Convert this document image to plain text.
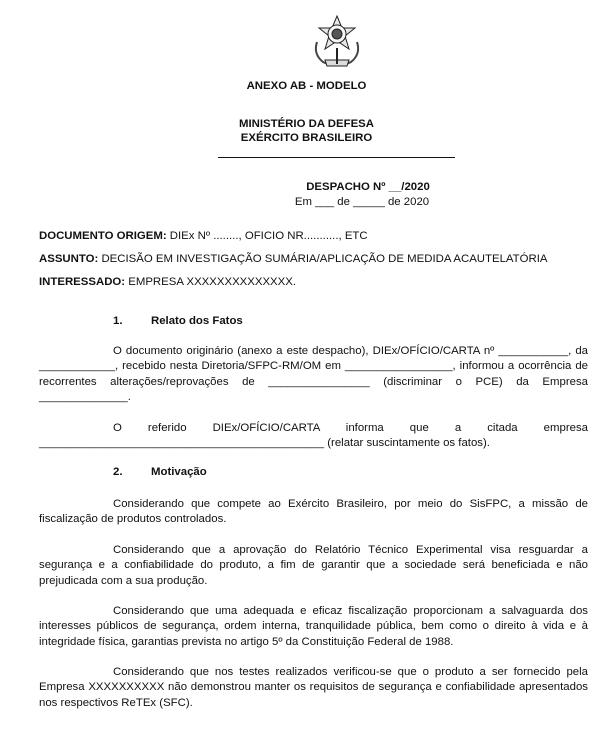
ANEXO AB - MODELO
MINISTÉRIO DA DEFESA
EXÉRCITO BRASILEIRO
DESPACHO Nº __/2020
Em ___ de _____ de 2020
DOCUMENTO ORIGEM: DIEx Nº ........, OFICIO NR..........., ETC
ASSUNTO: DECISÃO EM INVESTIGAÇÃO SUMÁRIA/APLICAÇÃO DE MEDIDA ACAUTELATÓRIA
INTERESSADO: EMPRESA XXXXXXXXXXXXXX.
1.	Relato dos Fatos
O documento originário (anexo a este despacho), DIEx/OFÍCIO/CARTA nº ___________, da
____________, recebido nesta Diretoria/SFPC-RM/OM em _________________, informou a ocorrência de
recorrentes alterações/reprovações de ________________ (discriminar o PCE) da Empresa
______________.
O referido DIEx/OFÍCIO/CARTA informa que a citada empresa
_____________________________________________ (relatar suscintamente os fatos).
2.	Motivação
Considerando que compete ao Exército Brasileiro, por meio do SisFPC, a missão de
fiscalização de produtos controlados.
Considerando que a aprovação do Relatório Técnico Experimental visa resguardar a
segurança e a confiabilidade do produto, a fim de garantir que a sociedade será beneficiada e não
prejudicada com a sua produção.
Considerando que uma adequada e eficaz fiscalização proporcionam a salvaguarda dos
interesses públicos de segurança, ordem interna, tranquilidade pública, bem como o direito à vida e à
integridade física, garantias prevista no artigo 5º da Constituição Federal de 1988.
Considerando que nos testes realizados verificou-se que o produto a ser fornecido pela
Empresa XXXXXXXXXX não demonstrou manter os requisitos de segurança e confiabilidade apresentados
nos respectivos ReTEx (SFC).
